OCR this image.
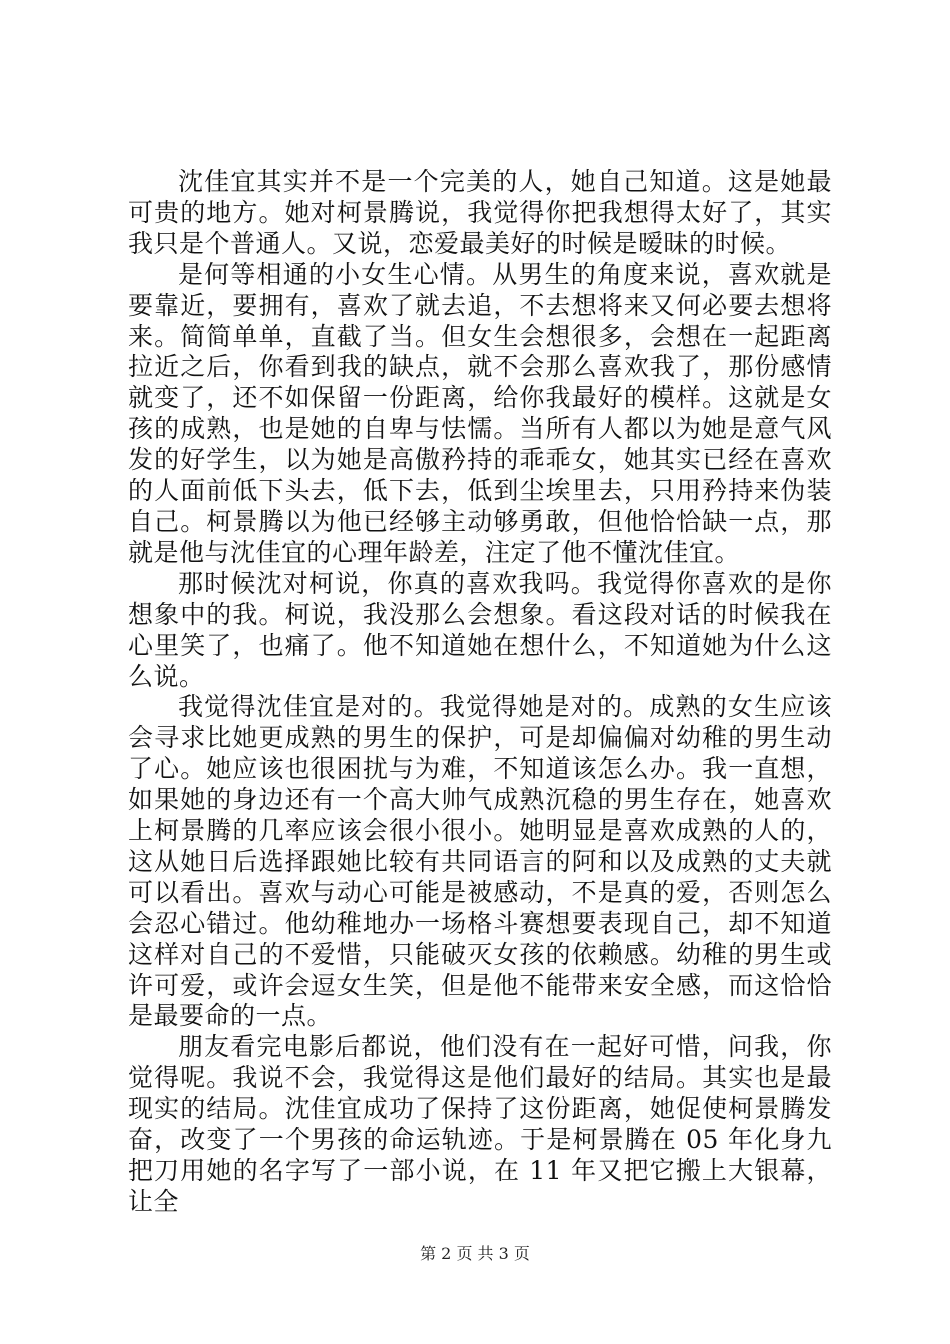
沈佳宜其实并不是一个完美的人，她自己知道。这是她最可贵的地方。她对柯景腾说，我觉得你把我想得太好了，其实我只是个普通人。又说，恋爱最美好的时候是暧昧的时候。

是何等相通的小女生心情。从男生的角度来说，喜欢就是要靠近，要拥有，喜欢了就去追，不去想将来又何必要去想将来。简简单单，直截了当。但女生会想很多，会想在一起距离拉近之后，你看到我的缺点，就不会那么喜欢我了，那份感情就变了，还不如保留一份距离，给你我最好的模样。这就是女孩的成熟，也是她的自卑与怯懦。当所有人都以为她是意气风发的好学生，以为她是高傲矜持的乖乖女，她其实已经在喜欢的人面前低下头去，低下去，低到尘埃里去，只用矜持来伪装自己。柯景腾以为他已经够主动够勇敢，但他恰恰缺一点，那就是他与沈佳宜的心理年龄差，注定了他不懂沈佳宜。

那时候沈对柯说，你真的喜欢我吗。我觉得你喜欢的是你想象中的我。柯说，我没那么会想象。看这段对话的时候我在心里笑了，也痛了。他不知道她在想什么，不知道她为什么这么说。

我觉得沈佳宜是对的。我觉得她是对的。成熟的女生应该会寻求比她更成熟的男生的保护，可是却偏偏对幼稚的男生动了心。她应该也很困扰与为难，不知道该怎么办。我一直想，如果她的身边还有一个高大帅气成熟沉稳的男生存在，她喜欢上柯景腾的几率应该会很小很小。她明显是喜欢成熟的人的，这从她日后选择跟她比较有共同语言的阿和以及成熟的丈夫就可以看出。喜欢与动心可能是被感动，不是真的爱，否则怎么会忍心错过。他幼稚地办一场格斗赛想要表现自己，却不知道这样对自己的不爱惜，只能破灭女孩的依赖感。幼稚的男生或许可爱，或许会逗女生笑，但是他不能带来安全感，而这恰恰是最要命的一点。

朋友看完电影后都说，他们没有在一起好可惜，问我，你觉得呢。我说不会，我觉得这是他们最好的结局。其实也是最现实的结局。沈佳宜成功了保持了这份距离，她促使柯景腾发奋，改变了一个男孩的命运轨迹。于是柯景腾在 05 年化身九把刀用她的名字写了一部小说，在 11 年又把它搬上大银幕，让全

第 2 页 共 3 页
